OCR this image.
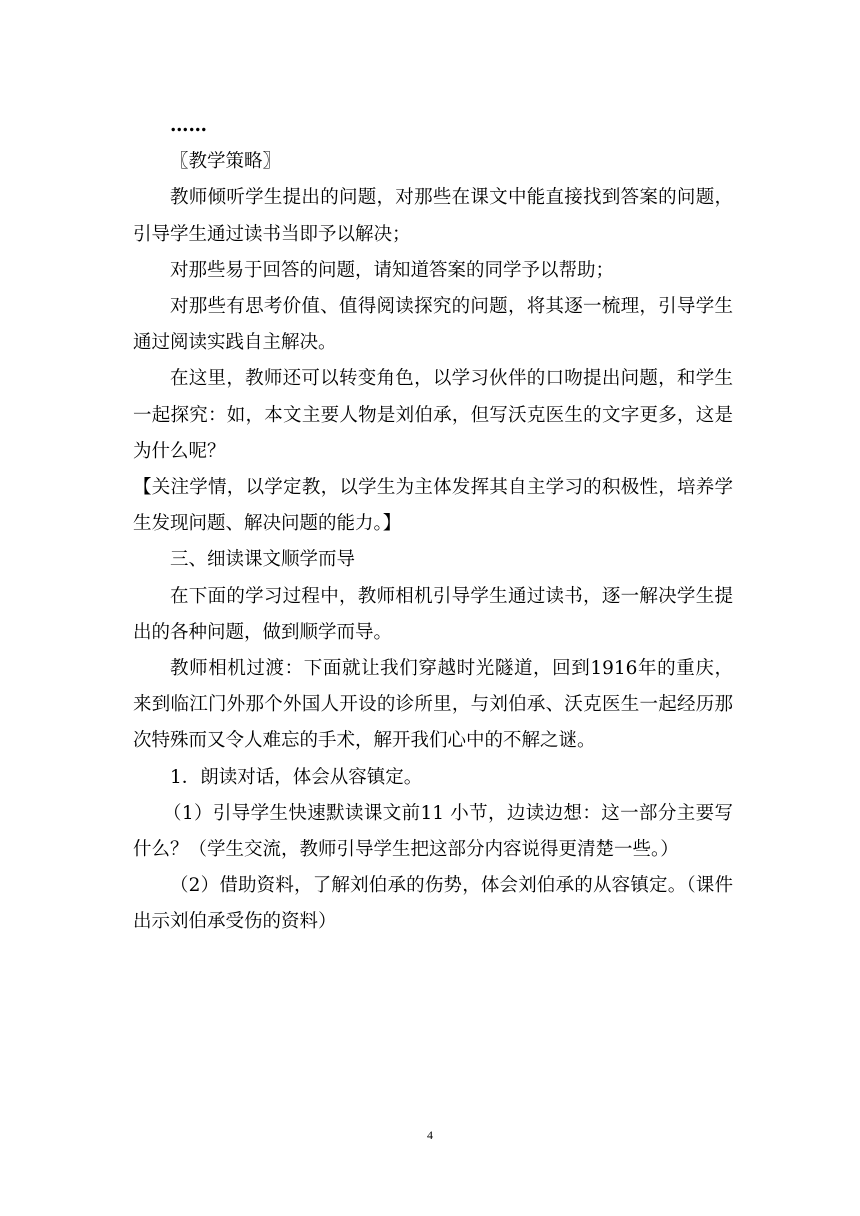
……

〖教学策略〗

教师倾听学生提出的问题，对那些在课文中能直接找到答案的问题，引导学生通过读书当即予以解决；

对那些易于回答的问题，请知道答案的同学予以帮助；

对那些有思考价值、值得阅读探究的问题，将其逐一梳理，引导学生通过阅读实践自主解决。

在这里，教师还可以转变角色，以学习伙伴的口吻提出问题，和学生一起探究：如，本文主要人物是刘伯承，但写沃克医生的文字更多，这是为什么呢？

【关注学情，以学定教，以学生为主体发挥其自主学习的积极性，培养学生发现问题、解决问题的能力。】

三、细读课文顺学而导

在下面的学习过程中，教师相机引导学生通过读书，逐一解决学生提出的各种问题，做到顺学而导。

教师相机过渡：下面就让我们穿越时光隧道，回到1916年的重庆，来到临江门外那个外国人开设的诊所里，与刘伯承、沃克医生一起经历那次特殊而又令人难忘的手术，解开我们心中的不解之谜。

1．朗读对话，体会从容镇定。

（1）引导学生快速默读课文前11 小节，边读边想：这一部分主要写什么？（学生交流，教师引导学生把这部分内容说得更清楚一些。）

（2）借助资料，了解刘伯承的伤势，体会刘伯承的从容镇定。（课件出示刘伯承受伤的资料）

4
